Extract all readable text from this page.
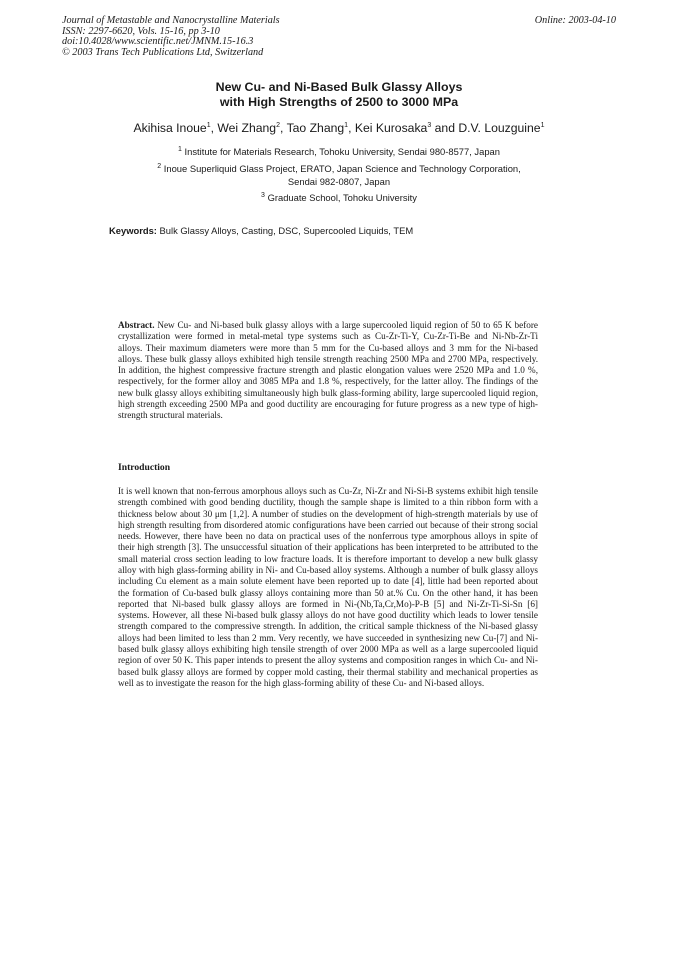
Journal of Metastable and Nanocrystalline Materials
ISSN: 2297-6620, Vols. 15-16, pp 3-10
doi:10.4028/www.scientific.net/JMNM.15-16.3
© 2003 Trans Tech Publications Ltd, Switzerland
Online: 2003-04-10
New Cu- and Ni-Based Bulk Glassy Alloys
with High Strengths of 2500 to 3000 MPa
Akihisa Inoue$^1$, Wei Zhang$^2$, Tao Zhang$^1$, Kei Kurosaka$^3$ and D.V. Louzguine$^1$
$^1$ Institute for Materials Research, Tohoku University, Sendai 980-8577, Japan
$^2$ Inoue Superliquid Glass Project, ERATO, Japan Science and Technology Corporation,
Sendai 982-0807, Japan
$^3$ Graduate School, Tohoku University
Keywords: Bulk Glassy Alloys, Casting, DSC, Supercooled Liquids, TEM
Abstract. New Cu- and Ni-based bulk glassy alloys with a large supercooled liquid region of 50 to 65 K before crystallization were formed in metal-metal type systems such as Cu-Zr-Ti-Y, Cu-Zr-Ti-Be and Ni-Nb-Zr-Ti alloys. Their maximum diameters were more than 5 mm for the Cu-based alloys and 3 mm for the Ni-based alloys. These bulk glassy alloys exhibited high tensile strength reaching 2500 MPa and 2700 MPa, respectively. In addition, the highest compressive fracture strength and plastic elongation values were 2520 MPa and 1.0 %, respectively, for the former alloy and 3085 MPa and 1.8 %, respectively, for the latter alloy. The findings of the new bulk glassy alloys exhibiting simultaneously high bulk glass-forming ability, large supercooled liquid region, high strength exceeding 2500 MPa and good ductility are encouraging for future progress as a new type of high-strength structural materials.
Introduction
It is well known that non-ferrous amorphous alloys such as Cu-Zr, Ni-Zr and Ni-Si-B systems exhibit high tensile strength combined with good bending ductility, though the sample shape is limited to a thin ribbon form with a thickness below about 30 μm [1,2]. A number of studies on the development of high-strength materials by use of high strength resulting from disordered atomic configurations have been carried out because of their strong social needs. However, there have been no data on practical uses of the nonferrous type amorphous alloys in spite of their high strength [3]. The unsuccessful situation of their applications has been interpreted to be attributed to the small material cross section leading to low fracture loads. It is therefore important to develop a new bulk glassy alloy with high glass-forming ability in Ni- and Cu-based alloy systems. Although a number of bulk glassy alloys including Cu element as a main solute element have been reported up to date [4], little had been reported about the formation of Cu-based bulk glassy alloys containing more than 50 at.% Cu. On the other hand, it has been reported that Ni-based bulk glassy alloys are formed in Ni-(Nb,Ta,Cr,Mo)-P-B [5] and Ni-Zr-Ti-Si-Sn [6] systems. However, all these Ni-based bulk glassy alloys do not have good ductility which leads to lower tensile strength compared to the compressive strength. In addition, the critical sample thickness of the Ni-based glassy alloys had been limited to less than 2 mm. Very recently, we have succeeded in synthesizing new Cu-[7] and Ni-based bulk glassy alloys exhibiting high tensile strength of over 2000 MPa as well as a large supercooled liquid region of over 50 K. This paper intends to present the alloy systems and composition ranges in which Cu- and Ni-based bulk glassy alloys are formed by copper mold casting, their thermal stability and mechanical properties as well as to investigate the reason for the high glass-forming ability of these Cu- and Ni-based alloys.
